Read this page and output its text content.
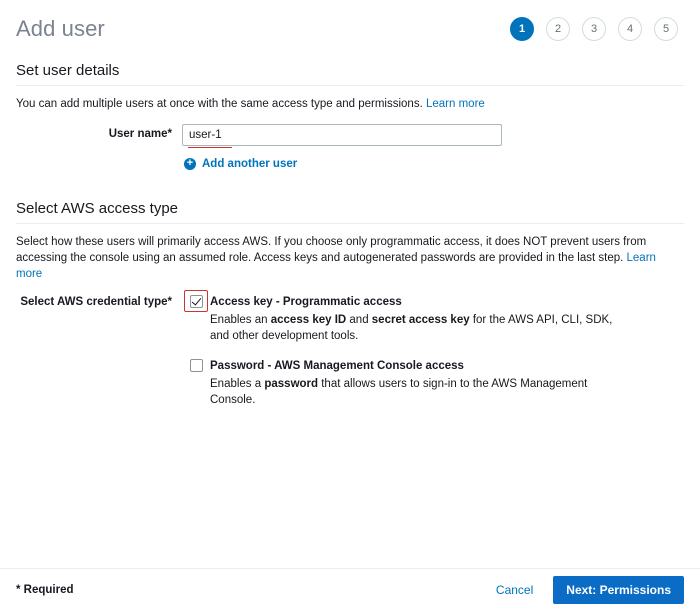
Add user	1	2	3	4	5
Set user details
You can add multiple users at once with the same access type and permissions. Learn more
User name*
user-1
+ Add another user
Select AWS access type
Select how these users will primarily access AWS. If you choose only programmatic access, it does NOT prevent users from accessing the console using an assumed role. Access keys and autogenerated passwords are provided in the last step. Learn more
Select AWS credential type*	Access key - Programmatic access
Enables an access key ID and secret access key for the AWS API, CLI, SDK, and other development tools.
Password - AWS Management Console access
Enables a password that allows users to sign-in to the AWS Management Console.
* Required	Cancel	Next: Permissions
